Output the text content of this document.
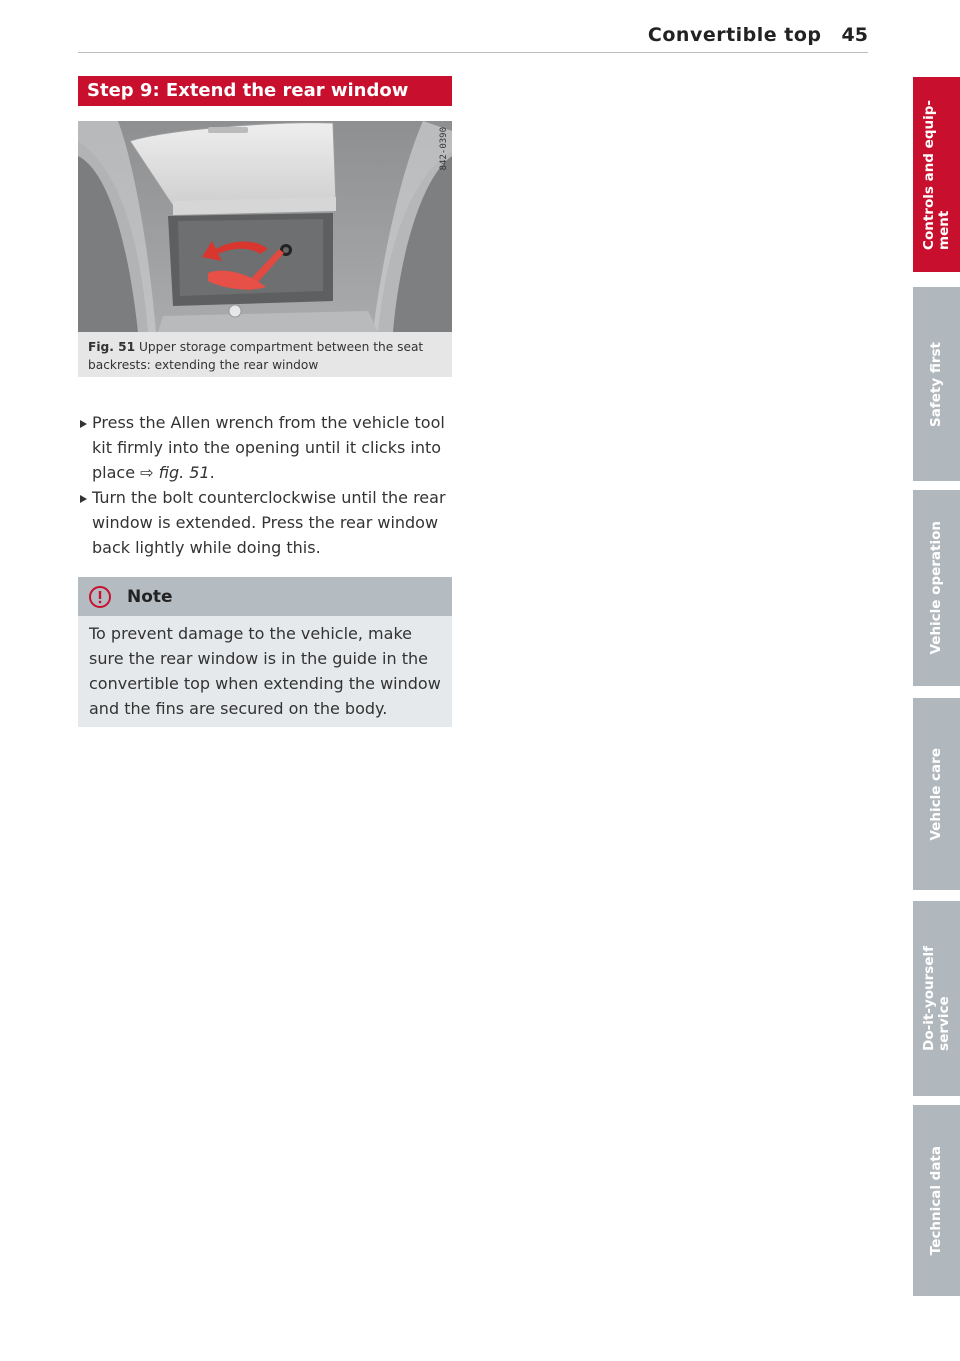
Convertible top 45
Step 9: Extend the rear window
842-0390
Fig. 51 Upper storage compartment between the seat backrests: extending the rear window
Press the Allen wrench from the vehicle tool kit firmly into the opening until it clicks into place ⇨ fig. 51.
Turn the bolt counterclockwise until the rear window is extended. Press the rear window back lightly while doing this.
Note
To prevent damage to the vehicle, make sure the rear window is in the guide in the convertible top when extending the window and the fins are secured on the body.
Controls and equip-
ment
Safety first
Vehicle operation
Vehicle care
Do-it-yourself
service
Technical data
